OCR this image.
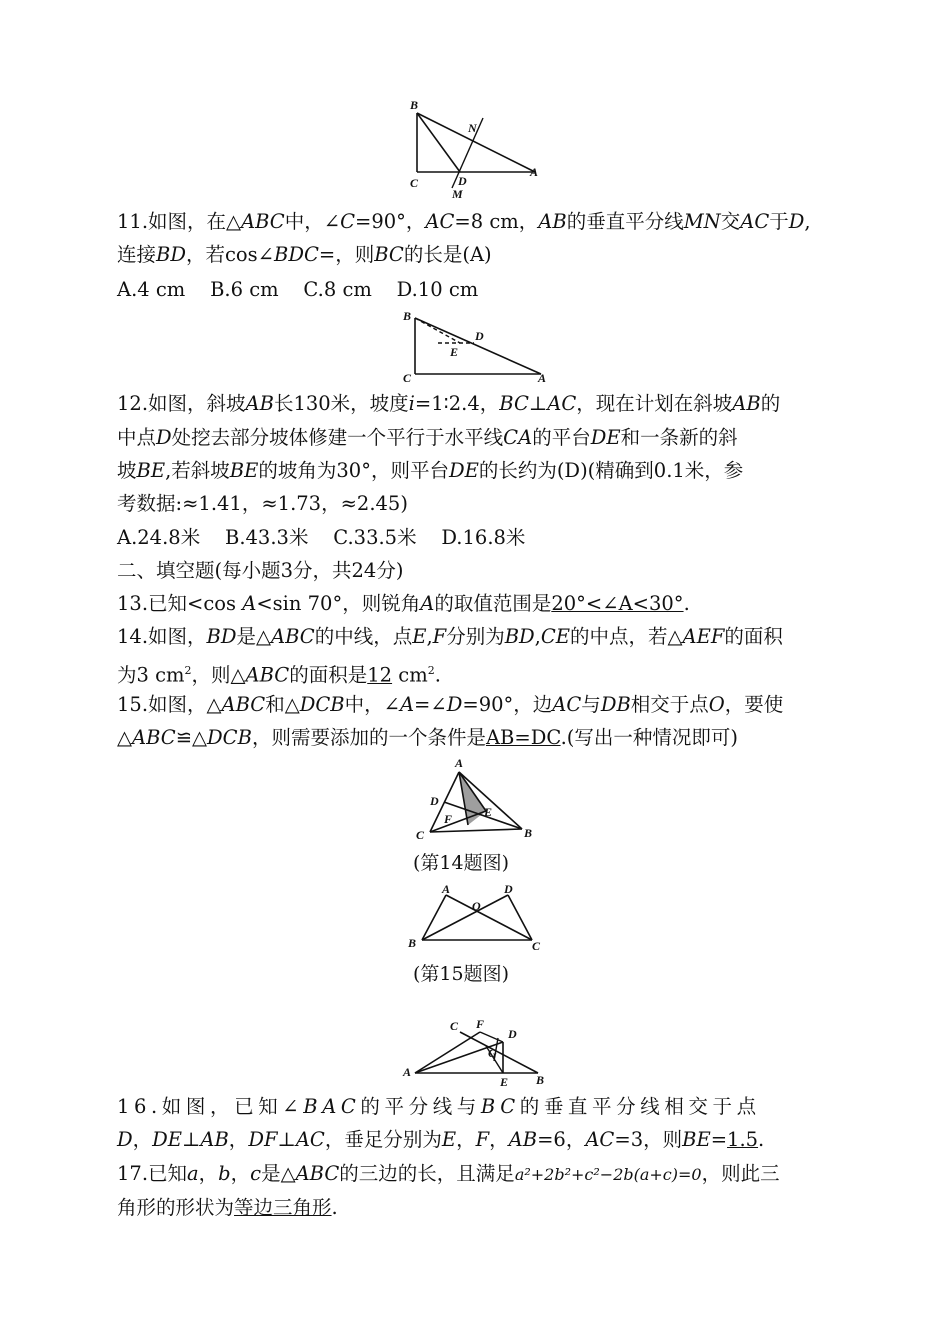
B
N
C	D
A
M
11.如图，在△ABC中，∠C=90°，AC=8 cm，AB的垂直平分线MN交AC于D,
连接BD，若cos∠BDC=，则BC的长是(A)
A.4 cm    B.6 cm    C.8 cm    D.10 cm
B
D
E
C	A
12.如图，斜坡AB长130米，坡度i=1∶2.4，BC⊥AC，现在计划在斜坡AB的
中点D处挖去部分坡体修建一个平行于水平线CA的平台DE和一条新的斜
坡BE,若斜坡BE的坡角为30°，则平台DE的长约为(D)(精确到0.1米，参
考数据:≈1.41，≈1.73，≈2.45)
A.24.8米    B.43.3米    C.33.5米    D.16.8米
二、填空题(每小题3分，共24分)
13.已知<cos A<sin 70°，则锐角A的取值范围是20°<∠A<30°.
14.如图，BD是△ABC的中线，点E,F分别为BD,CE的中点，若△AEF的面积
为3 $cm^2$，则△ABC的面积是12 $cm^2$.
15.如图，△ABC和△DCB中，∠A=∠D=90°，边AC与DB相交于点O，要使
△ABC≌△DCB，则需要添加的一个条件是AB=DC.(写出一种情况即可)
A
D
F	E
C	B
(第14题图)
A
O
D
B	C
(第15题图)
F
C
D
G
A
E B
16.如图，已知∠BAC的平分线与BC的垂直平分线相交于点
D，DE⊥AB，DF⊥AC，垂足分别为E，F，AB=6，AC=3，则BE=1.5.
17.已知a，b，c是△ABC的三边的长，且满足a²+2b²+c²−2b(a+c)=0，则此三
角形的形状为等边三角形.
